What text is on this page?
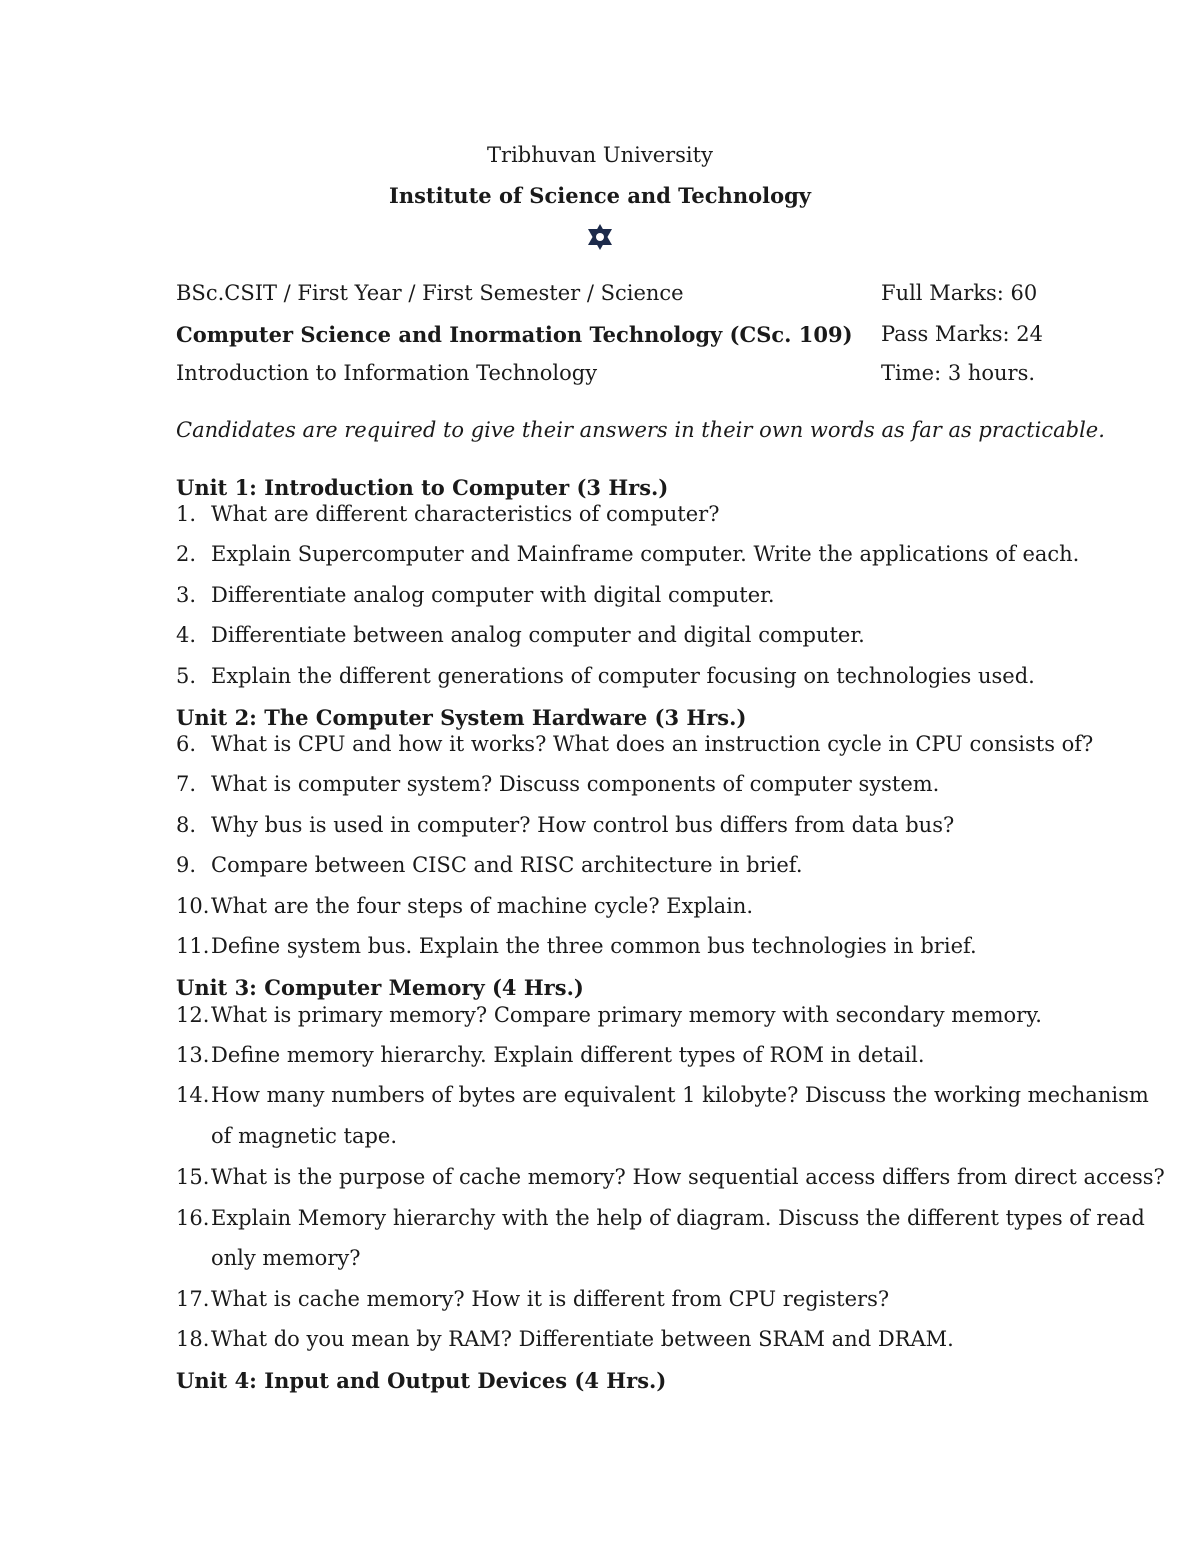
Tribhuvan University
Institute of Science and Technology
BSc.CSIT / First Year / First Semester / Science	Full Marks: 60
Computer Science and Inormation Technology (CSc. 109) Pass Marks: 24
Introduction to Information Technology	Time: 3 hours.
Candidates are required to give their answers in their own words as far as practicable.
Unit 1: Introduction to Computer (3 Hrs.)
1. What are different characteristics of computer?
2. Explain Supercomputer and Mainframe computer. Write the applications of each.
3. Differentiate analog computer with digital computer.
4. Differentiate between analog computer and digital computer.
5. Explain the different generations of computer focusing on technologies used.
Unit 2: The Computer System Hardware (3 Hrs.)
6. What is CPU and how it works? What does an instruction cycle in CPU consists of?
7. What is computer system? Discuss components of computer system.
8. Why bus is used in computer? How control bus differs from data bus?
9. Compare between CISC and RISC architecture in brief.
10. What are the four steps of machine cycle? Explain.
11. Define system bus. Explain the three common bus technologies in brief.
Unit 3: Computer Memory (4 Hrs.)
12. What is primary memory? Compare primary memory with secondary memory.
13. Define memory hierarchy. Explain different types of ROM in detail.
14. How many numbers of bytes are equivalent 1 kilobyte? Discuss the working mechanism
of magnetic tape.
15. What is the purpose of cache memory? How sequential access differs from direct access?
16. Explain Memory hierarchy with the help of diagram. Discuss the different types of read
only memory?
17. What is cache memory? How it is different from CPU registers?
18. What do you mean by RAM? Differentiate between SRAM and DRAM.
Unit 4: Input and Output Devices (4 Hrs.)
